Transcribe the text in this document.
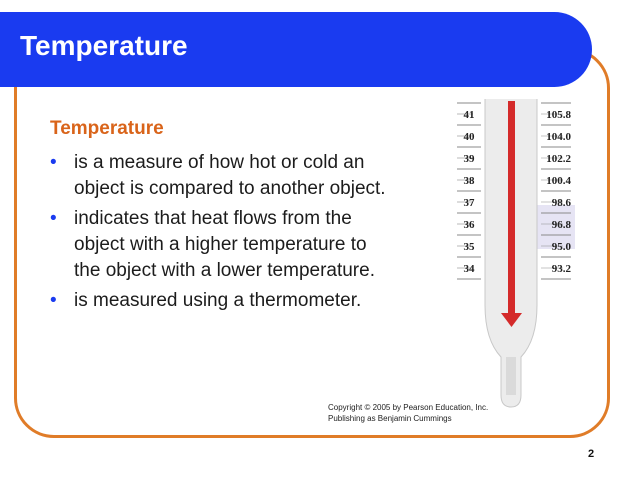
Temperature
Temperature
• is a measure of how hot or cold an
object is compared to another object.
• indicates that heat flows from the
object with a higher temperature to
the object with a lower temperature.
• is measured using a thermometer.
41
40
39
38
37
36
35
34
105.8
104.0
102.2
100.4
98.6
96.8
95.0
93.2
Copyright © 2005 by Pearson Education, Inc.
Publishing as Benjamin Cummings
2
